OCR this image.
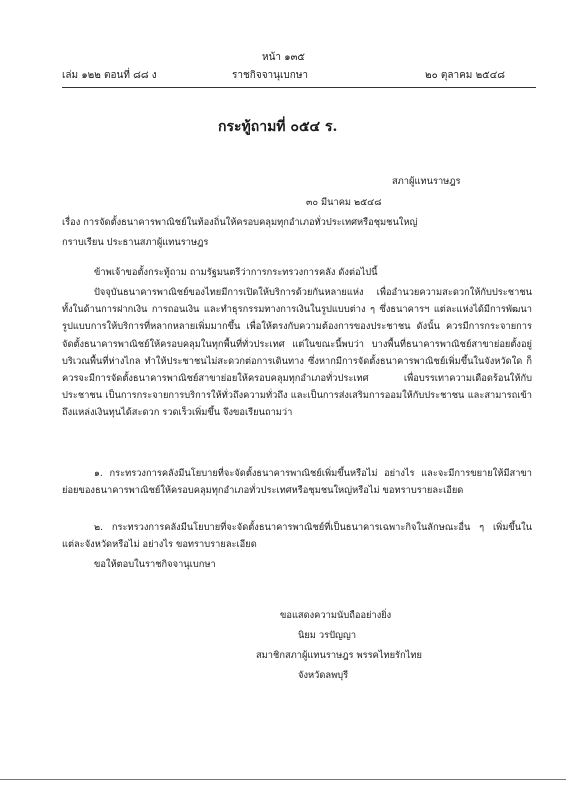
หน้า ๑๓๕
เล่ม ๑๒๒ ตอนที่ ๘๘ ง	ราชกิจจานุเบกษา	๒๐ ตุลาคม ๒๕๔๘
กระทู้ถามที่ ๐๕๔ ร.
สภาผู้แทนราษฎร
๓๐ มีนาคม ๒๕๔๘
เรื่อง การจัดตั้งธนาคารพาณิชย์ในท้องถิ่นให้ครอบคลุมทุกอำเภอทั่วประเทศหรือชุมชนใหญ่
กราบเรียน ประธานสภาผู้แทนราษฎร
ข้าพเจ้าขอตั้งกระทู้ถาม ถามรัฐมนตรีว่าการกระทรวงการคลัง ดังต่อไปนี้
ปัจจุบันธนาคารพาณิชย์ของไทยมีการเปิดให้บริการด้วยกันหลายแห่ง เพื่ออำนวยความสะดวกให้กับประชาชนทั้งในด้านการฝากเงิน การถอนเงิน และทำธุรกรรมทางการเงินในรูปแบบต่าง ๆ ซึ่งธนาคารฯ แต่ละแห่งได้มีการพัฒนารูปแบบการให้บริการที่หลากหลายเพิ่มมากขึ้น เพื่อให้ตรงกับความต้องการของประชาชน ดังนั้น ควรมีการกระจายการจัดตั้งธนาคารพาณิชย์ให้ครอบคลุมในทุกพื้นที่ทั่วประเทศ แต่ในขณะนี้พบว่า บางพื้นที่ธนาคารพาณิชย์สาขาย่อยตั้งอยู่บริเวณพื้นที่ห่างไกล ทำให้ประชาชนไม่สะดวกต่อการเดินทาง ซึ่งหากมีการจัดตั้งธนาคารพาณิชย์เพิ่มขึ้นในจังหวัดใด ก็ควรจะมีการจัดตั้งธนาคารพาณิชย์สาขาย่อยให้ครอบคลุมทุกอำเภอทั่วประเทศ เพื่อบรรเทาความเดือดร้อนให้กับประชาชน เป็นการกระจายการบริการให้ทั่วถึงความทั่วถึง และเป็นการส่งเสริมการออมให้กับประชาชน และสามารถเข้าถึงแหล่งเงินทุนได้สะดวก รวดเร็วเพิ่มขึ้น จึงขอเรียนถามว่า
๑. กระทรวงการคลังมีนโยบายที่จะจัดตั้งธนาคารพาณิชย์เพิ่มขึ้นหรือไม่ อย่างไร และจะมีการขยายให้มีสาขาย่อยของธนาคารพาณิชย์ให้ครอบคลุมทุกอำเภอทั่วประเทศหรือชุมชนใหญ่หรือไม่ ขอทราบรายละเอียด
๒. กระทรวงการคลังมีนโยบายที่จะจัดตั้งธนาคารพาณิชย์ที่เป็นธนาคารเฉพาะกิจในลักษณะอื่น ๆ เพิ่มขึ้นในแต่ละจังหวัดหรือไม่ อย่างไร ขอทราบรายละเอียด
ขอให้ตอบในราชกิจจานุเบกษา
ขอแสดงความนับถืออย่างยิ่ง
นิยม วรปัญญา
สมาชิกสภาผู้แทนราษฎร พรรคไทยรักไทย
จังหวัดลพบุรี
